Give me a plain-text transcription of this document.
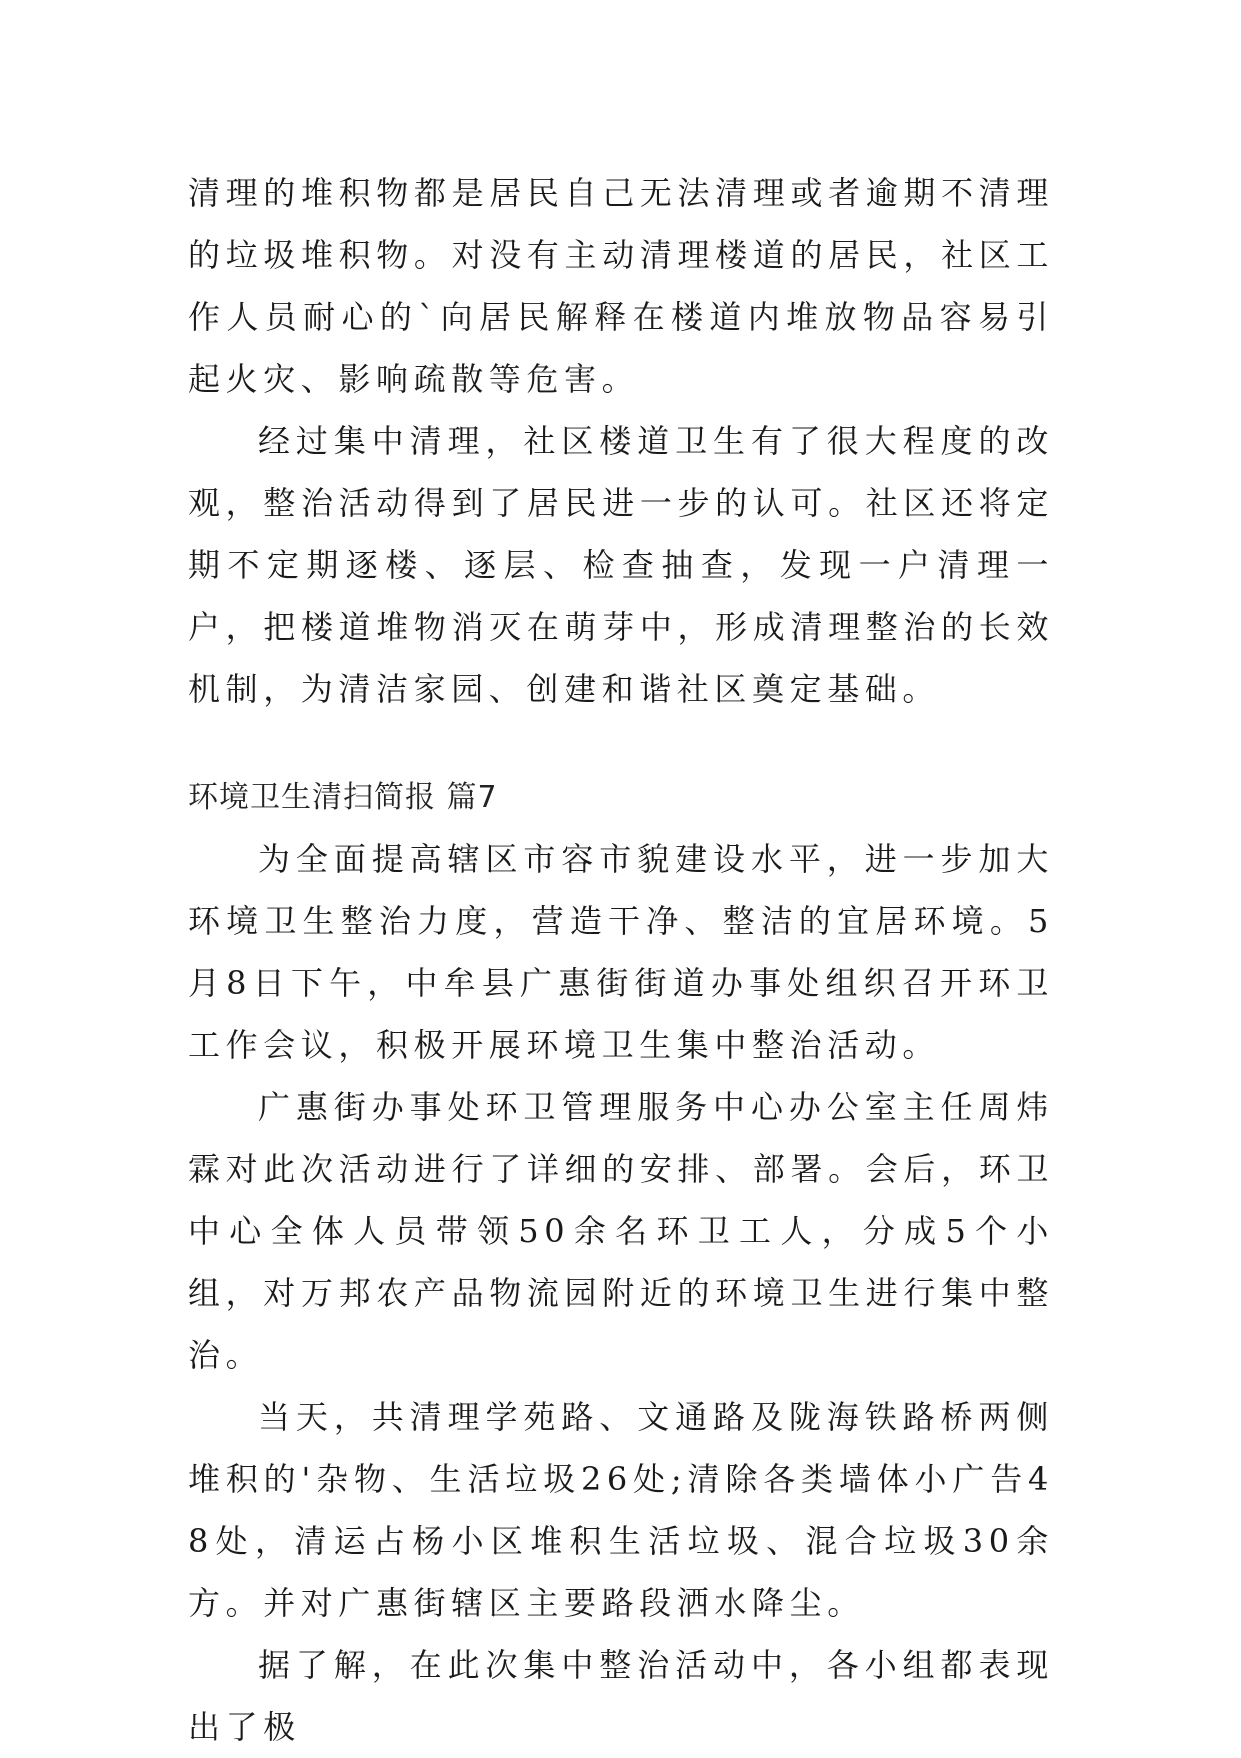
清理的堆积物都是居民自己无法清理或者逾期不清理的垃圾堆积物。对没有主动清理楼道的居民，社区工作人员耐心的`向居民解释在楼道内堆放物品容易引起火灾、影响疏散等危害。

经过集中清理，社区楼道卫生有了很大程度的改观，整治活动得到了居民进一步的认可。社区还将定期不定期逐楼、逐层、检查抽查，发现一户清理一户，把楼道堆物消灭在萌芽中，形成清理整治的长效机制，为清洁家园、创建和谐社区奠定基础。

环境卫生清扫简报 篇7

为全面提高辖区市容市貌建设水平，进一步加大环境卫生整治力度，营造干净、整洁的宜居环境。5月8日下午，中牟县广惠街街道办事处组织召开环卫工作会议，积极开展环境卫生集中整治活动。

广惠街办事处环卫管理服务中心办公室主任周炜霖对此次活动进行了详细的安排、部署。会后，环卫中心全体人员带领50余名环卫工人，分成5个小组，对万邦农产品物流园附近的环境卫生进行集中整治。

当天，共清理学苑路、文通路及陇海铁路桥两侧堆积的'杂物、生活垃圾26处;清除各类墙体小广告48处，清运占杨小区堆积生活垃圾、混合垃圾30余方。并对广惠街辖区主要路段洒水降尘。

据了解，在此次集中整治活动中，各小组都表现出了极
